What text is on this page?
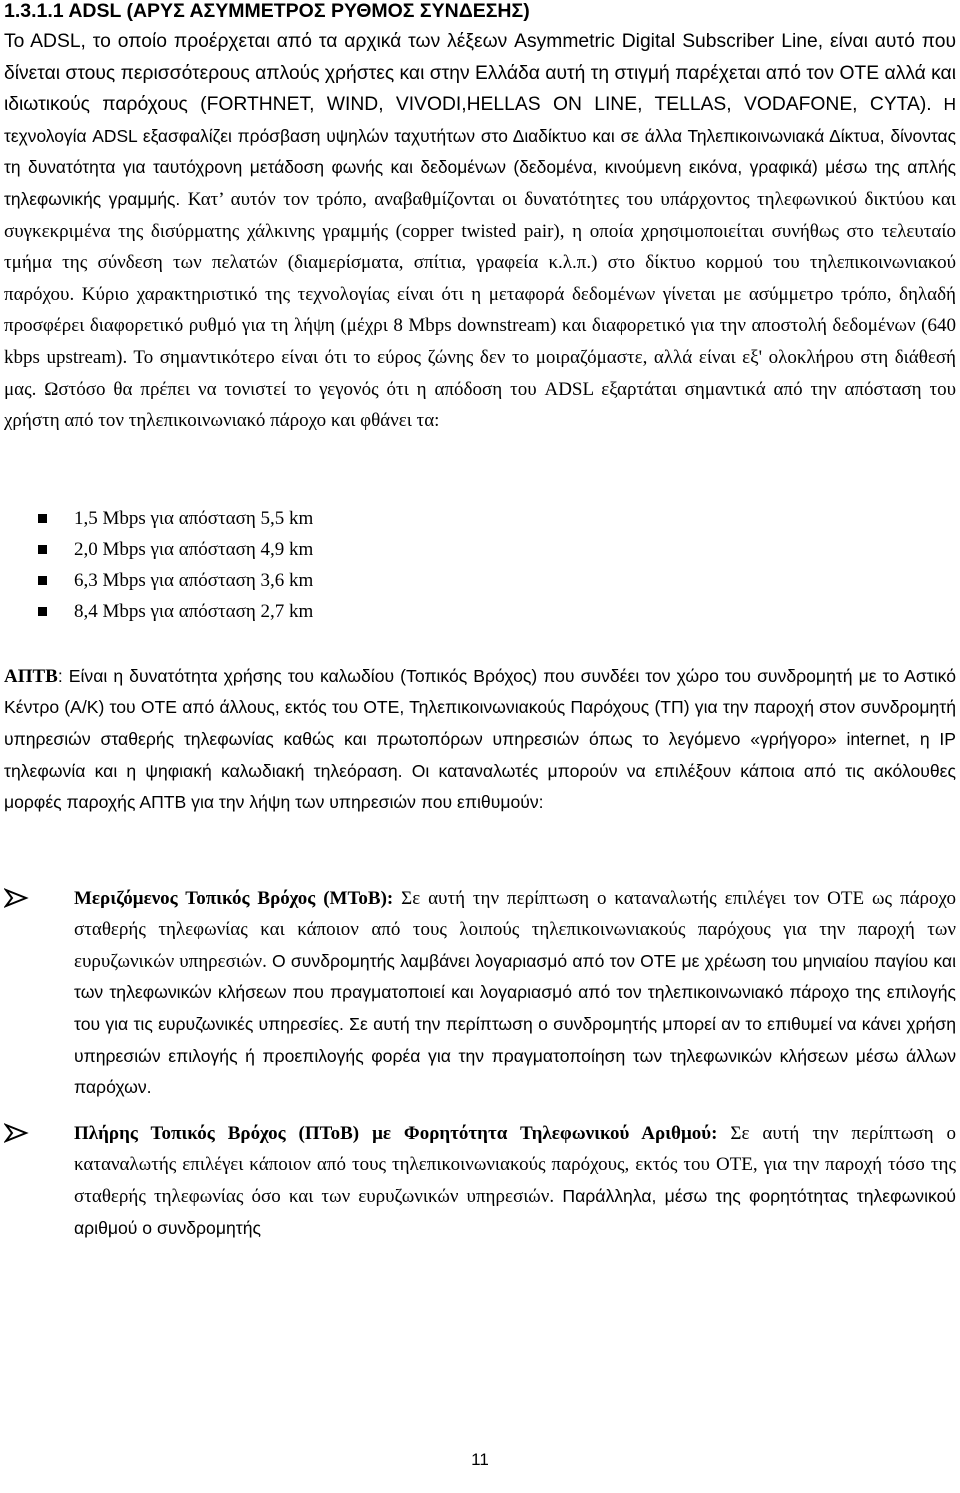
1.3.1.1 ADSL (ΑΡΥΣ ΑΣΥΜΜΕΤΡΟΣ ΡΥΘΜΟΣ ΣΥΝΔΕΣΗΣ)

To ADSL, το οποίο προέρχεται από τα αρχικά των λέξεων Asymmetric Digital Subscriber Line, είναι αυτό που δίνεται στους περισσότερους απλούς χρήστες και στην Ελλάδα αυτή τη στιγμή παρέχεται από τον ΟΤΕ αλλά και ιδιωτικούς παρόχους (FORTHNET, WIND, VIVODI,HELLAS ON LINE, TELLAS, VODAFONE, CYTA). Η τεχνολογία ADSL εξασφαλίζει πρόσβαση υψηλών ταχυτήτων στο Διαδίκτυο και σε άλλα Τηλεπικοινωνιακά Δίκτυα, δίνοντας τη δυνατότητα για ταυτόχρονη μετάδοση φωνής και δεδομένων (δεδομένα, κινούμενη εικόνα, γραφικά) μέσω της απλής τηλεφωνικής γραμμής. Κατ’ αυτόν τον τρόπο, αναβαθμίζονται οι δυνατότητες του υπάρχοντος τηλεφωνικού δικτύου και συγκεκριμένα της δισύρματης χάλκινης γραμμής (copper twisted pair), η οποία χρησιμοποιείται συνήθως στο τελευταίο τμήμα της σύνδεση των πελατών (διαμερίσματα, σπίτια, γραφεία κ.λ.π.) στο δίκτυο κορμού του τηλεπικοινωνιακού παρόχου. Κύριο χαρακτηριστικό της τεχνολογίας είναι ότι η μεταφορά δεδομένων γίνεται με ασύμμετρο τρόπο, δηλαδή προσφέρει διαφορετικό ρυθμό για τη λήψη (μέχρι 8 Mbps downstream) και διαφορετικό για την αποστολή δεδομένων (640 kbps upstream). Το σημαντικότερο είναι ότι το εύρος ζώνης δεν το μοιραζόμαστε, αλλά είναι εξ' ολοκλήρου στη διάθεσή μας. Ωστόσο θα πρέπει να τονιστεί το γεγονός ότι η απόδοση του ADSL εξαρτάται σημαντικά από την απόσταση του χρήστη από τον τηλεπικοινωνιακό πάροχο και φθάνει τα:

1,5 Mbps για απόσταση 5,5 km
2,0 Mbps για απόσταση 4,9 km
6,3 Mbps για απόσταση 3,6 km
8,4 Mbps για απόσταση 2,7 km

ΑΠΤΒ: Είναι η δυνατότητα χρήσης του καλωδίου (Τοπικός Βρόχος) που συνδέει τον χώρο του συνδρομητή με το Αστικό Κέντρο (Α/Κ) του ΟΤΕ από άλλους, εκτός του ΟΤΕ, Τηλεπικοινωνιακούς Παρόχους (ΤΠ) για την παροχή στον συνδρομητή υπηρεσιών σταθερής τηλεφωνίας καθώς και πρωτοπόρων υπηρεσιών όπως το λεγόμενο «γρήγορο» internet, η IP τηλεφωνία και η ψηφιακή καλωδιακή τηλεόραση. Οι καταναλωτές μπορούν να επιλέξουν κάποια από τις ακόλουθες μορφές παροχής ΑΠΤΒ για την λήψη των υπηρεσιών που επιθυμούν:

Μεριζόμενος Τοπικός Βρόχος (ΜΤοΒ): Σε αυτή την περίπτωση ο καταναλωτής επιλέγει τον ΟΤΕ ως πάροχο σταθερής τηλεφωνίας και κάποιον από τους λοιπούς τηλεπικοινωνιακούς παρόχους για την παροχή των ευρυζωνικών υπηρεσιών. Ο συνδρομητής λαμβάνει λογαριασμό από τον ΟΤΕ με χρέωση του μηνιαίου παγίου και των τηλεφωνικών κλήσεων που πραγματοποιεί και λογαριασμό από τον τηλεπικοινωνιακό πάροχο της επιλογής του για τις ευρυζωνικές υπηρεσίες. Σε αυτή την περίπτωση ο συνδρομητής μπορεί αν το επιθυμεί να κάνει χρήση υπηρεσιών επιλογής ή προεπιλογής φορέα για την πραγματοποίηση των τηλεφωνικών κλήσεων μέσω άλλων παρόχων.

Πλήρης Τοπικός Βρόχος (ΠΤοΒ) με Φορητότητα Τηλεφωνικού Αριθμού: Σε αυτή την περίπτωση ο καταναλωτής επιλέγει κάποιον από τους τηλεπικοινωνιακούς παρόχους, εκτός του ΟΤΕ, για την παροχή τόσο της σταθερής τηλεφωνίας όσο και των ευρυζωνικών υπηρεσιών. Παράλληλα, μέσω της φορητότητας τηλεφωνικού αριθμού ο συνδρομητής

11
